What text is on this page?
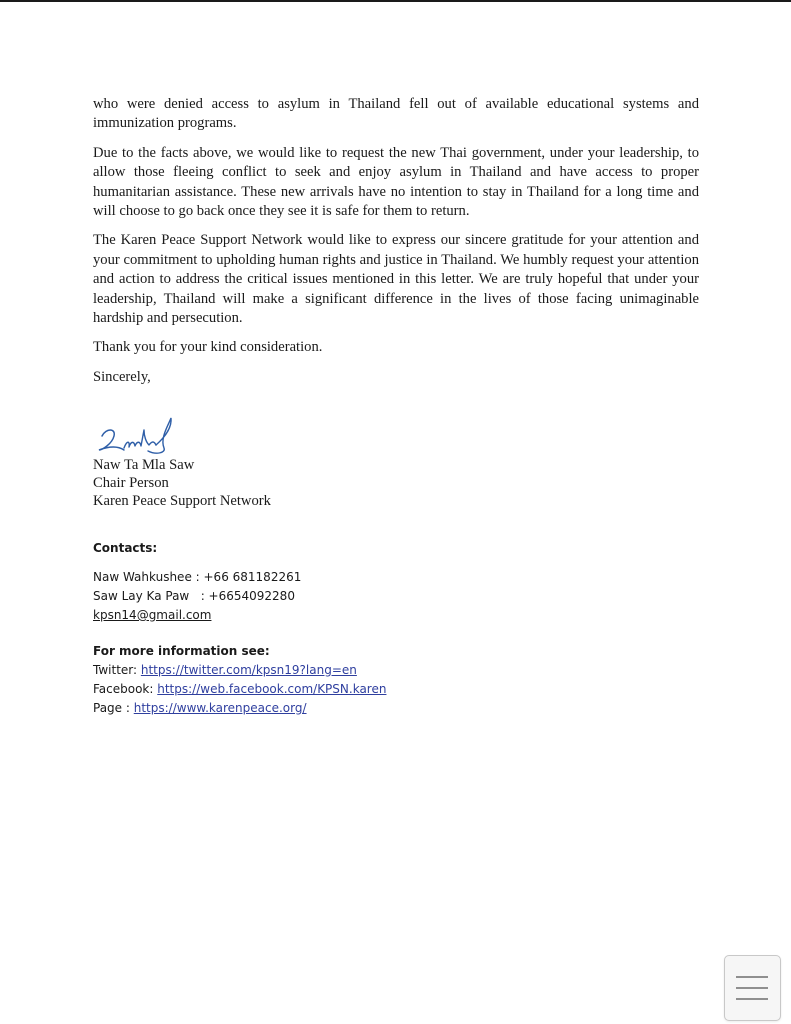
who were denied access to asylum in Thailand fell out of available educational systems and immunization programs.

Due to the facts above, we would like to request the new Thai government, under your leadership, to allow those fleeing conflict to seek and enjoy asylum in Thailand and have access to proper humanitarian assistance. These new arrivals have no intention to stay in Thailand for a long time and will choose to go back once they see it is safe for them to return.

The Karen Peace Support Network would like to express our sincere gratitude for your attention and your commitment to upholding human rights and justice in Thailand. We humbly request your attention and action to address the critical issues mentioned in this letter. We are truly hopeful that under your leadership, Thailand will make a significant difference in the lives of those facing unimaginable hardship and persecution.

Thank you for your kind consideration.

Sincerely,

Naw Ta Mla Saw
Chair Person
Karen Peace Support Network
Contacts:
Naw Wahkushee : +66 681182261
Saw Lay Ka Paw   : +6654092280
kpsn14@gmail.com
For more information see:
Twitter: https://twitter.com/kpsn19?lang=en
Facebook: https://web.facebook.com/KPSN.karen
Page : https://www.karenpeace.org/
